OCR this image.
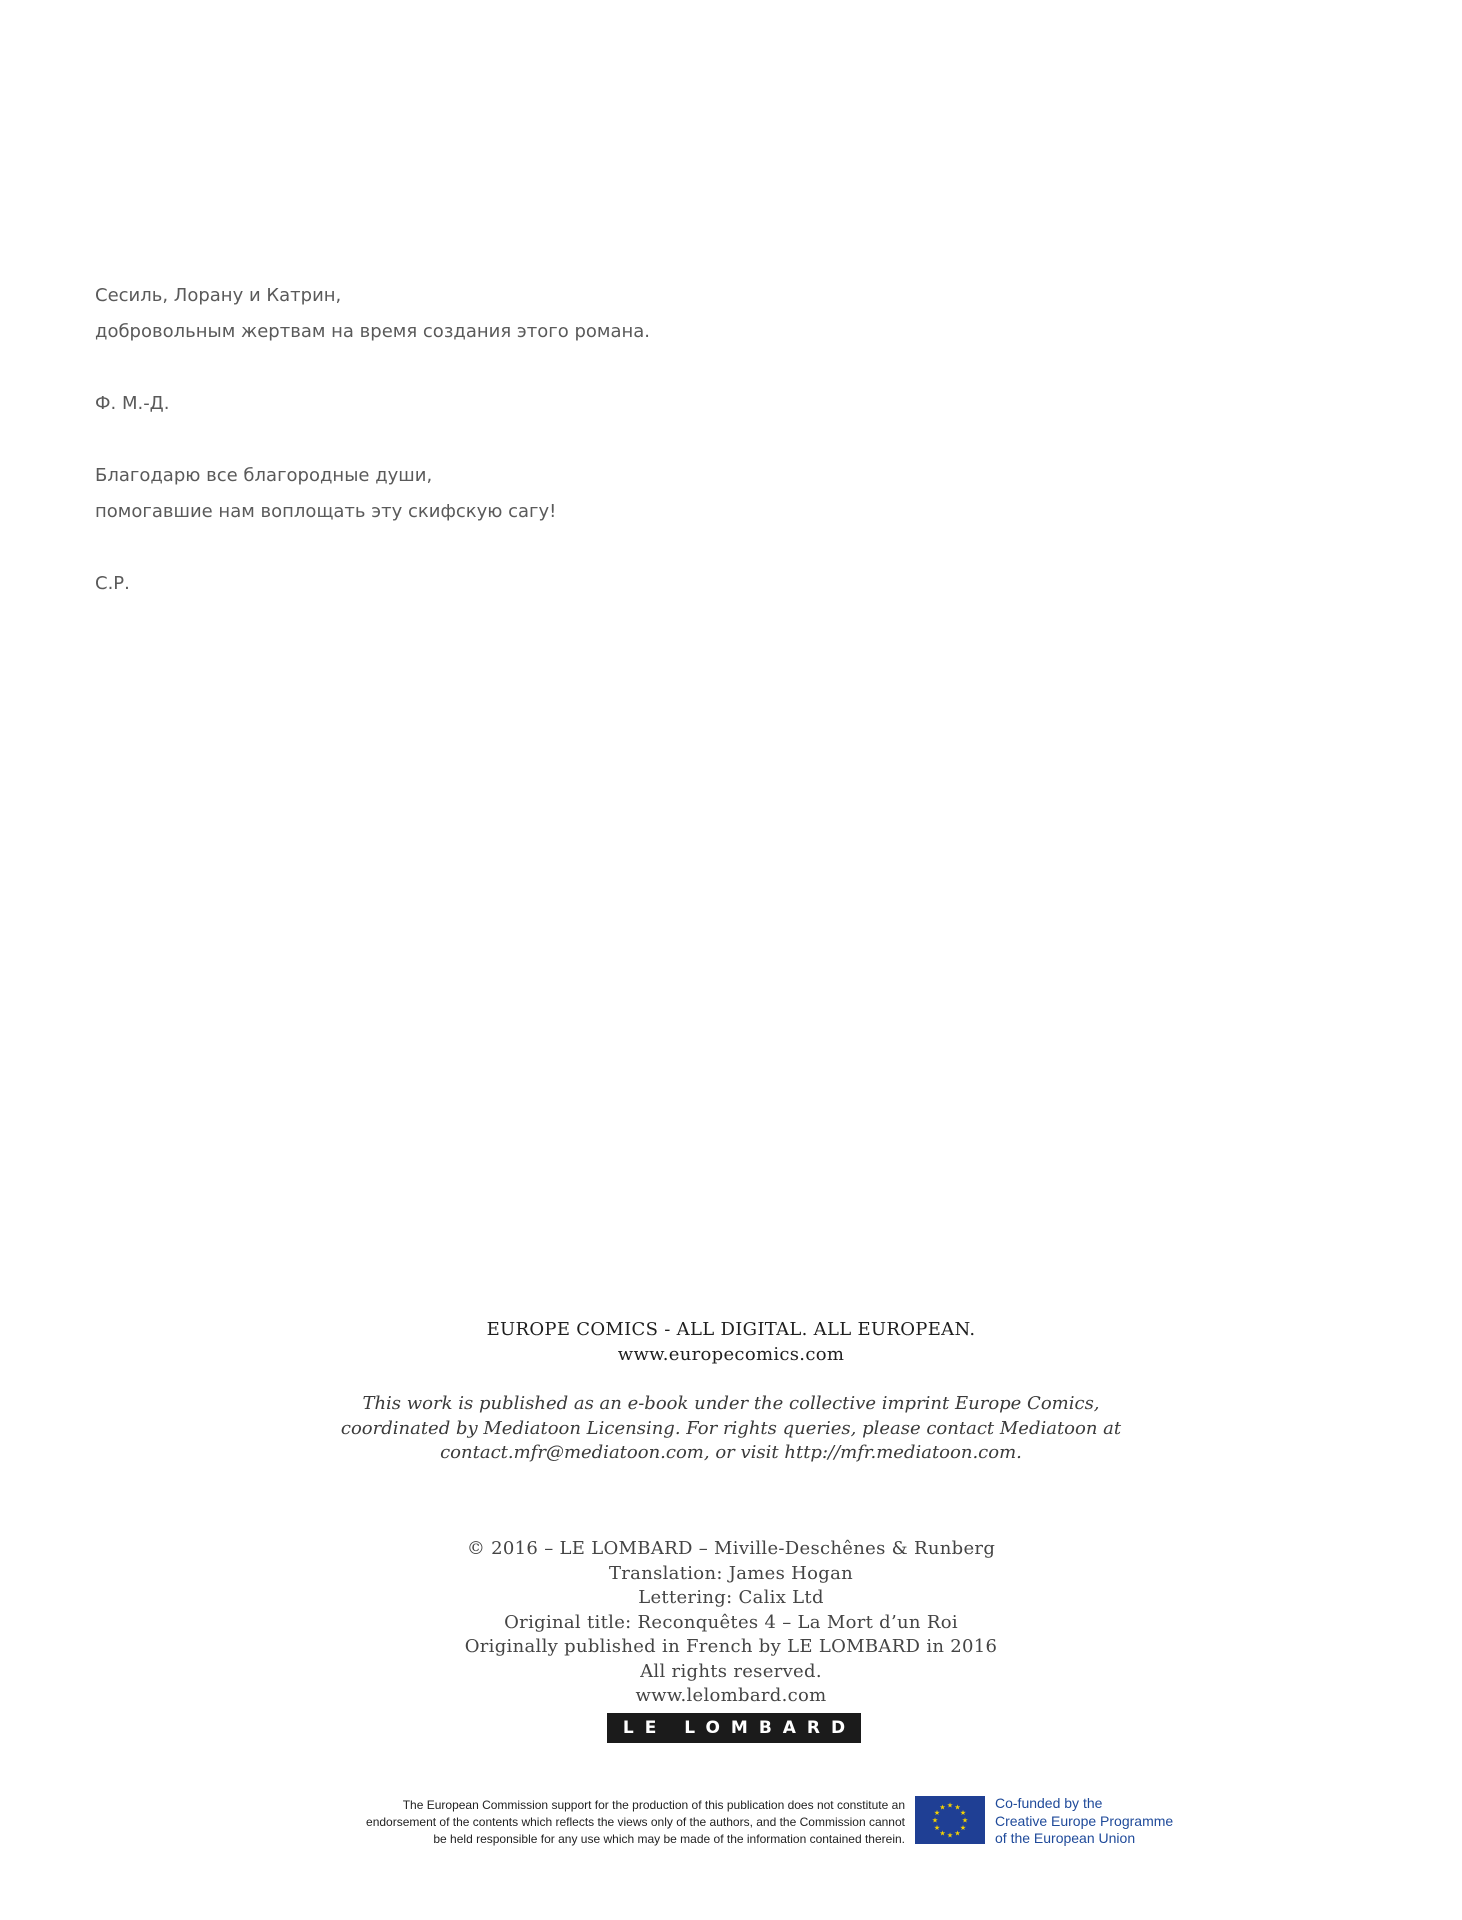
Сесиль, Лорану и Катрин,
добровольным жертвам на время создания этого романа.
Ф. М.-Д.
Благодарю все благородные души,
помогавшие нам воплощать эту скифскую сагу!
С.Р.
EUROPE COMICS - ALL DIGITAL. ALL EUROPEAN.
www.europecomics.com
This work is published as an e-book under the collective imprint Europe Comics,
coordinated by Mediatoon Licensing. For rights queries, please contact Mediatoon at
contact.mfr@mediatoon.com, or visit http://mfr.mediatoon.com.
© 2016 – LE LOMBARD – Miville-Deschênes & Runberg
Translation: James Hogan
Lettering: Calix Ltd
Original title: Reconquêtes 4 – La Mort d’un Roi
Originally published in French by LE LOMBARD in 2016
All rights reserved.
www.lelombard.com
LE LOMBARD
The European Commission support for the production of this publication does not constitute an
endorsement of the contents which reflects the views only of the authors, and the Commission cannot
be held responsible for any use which may be made of the information contained therein.
★ ★
★
★
★
★
★
★
★
★
★
★	Co-funded by the
Creative Europe Programme
of the European Union
